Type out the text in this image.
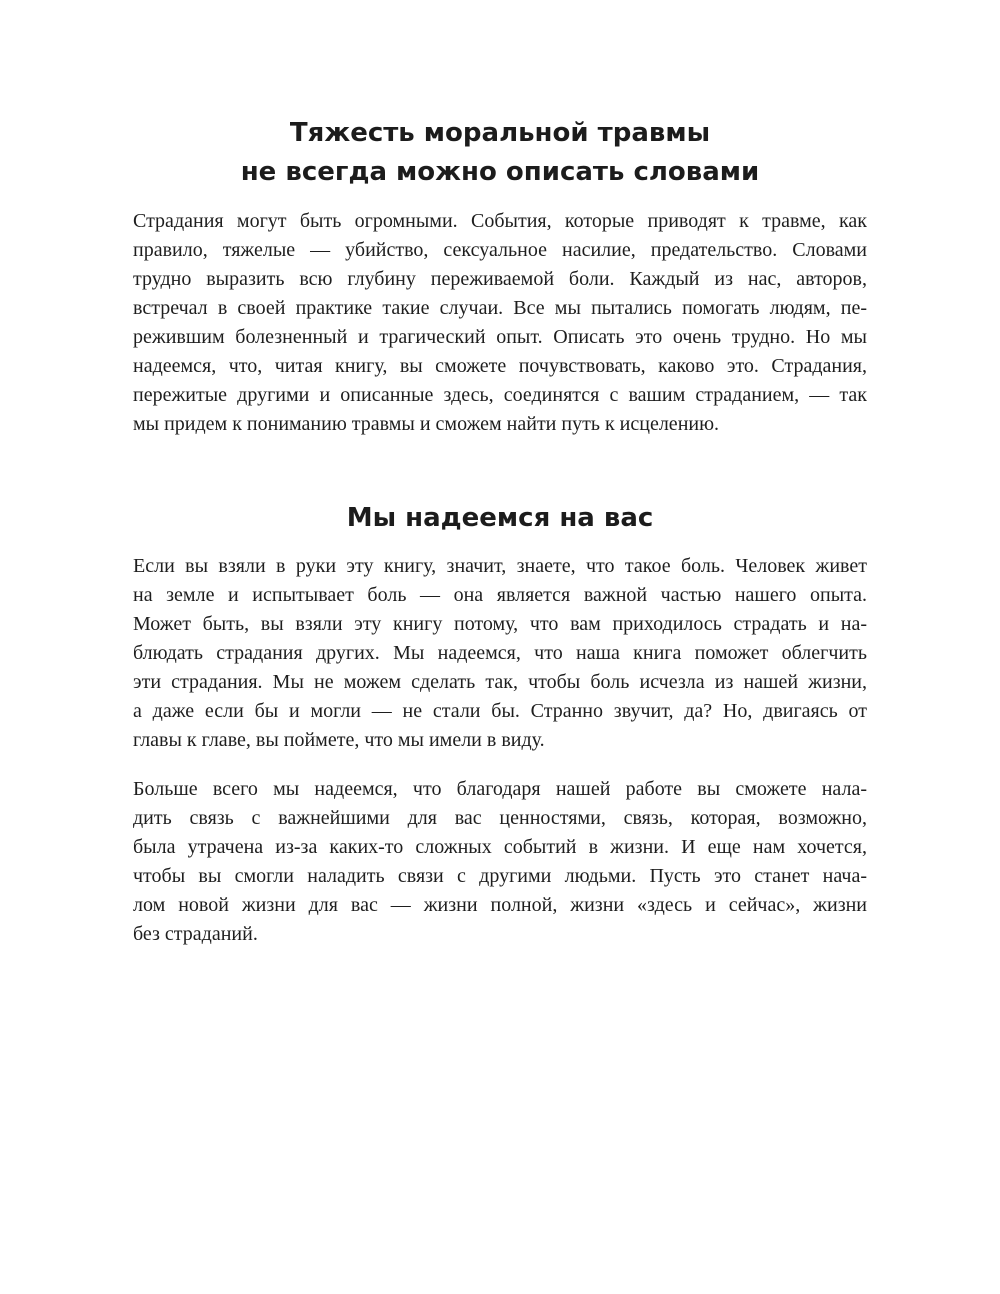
Тяжесть моральной травмы
не всегда можно описать словами
Страдания могут быть огромными. События, которые приводят к травме, как
правило, тяжелые — убийство, сексуальное насилие, предательство. Словами
трудно выразить всю глубину переживаемой боли. Каждый из нас, авторов,
встречал в своей практике такие случаи. Все мы пытались помогать людям, пе-
режившим болезненный и трагический опыт. Описать это очень трудно. Но мы
надеемся, что, читая книгу, вы сможете почувствовать, каково это. Страдания,
пережитые другими и описанные здесь, соединятся с вашим страданием, — так
мы придем к пониманию травмы и сможем найти путь к исцелению.
Мы надеемся на вас
Если вы взяли в руки эту книгу, значит, знаете, что такое боль. Человек живет
на земле и испытывает боль — она является важной частью нашего опыта.
Может быть, вы взяли эту книгу потому, что вам приходилось страдать и на-
блюдать страдания других. Мы надеемся, что наша книга поможет облегчить
эти страдания. Мы не можем сделать так, чтобы боль исчезла из нашей жизни,
а даже если бы и могли — не стали бы. Странно звучит, да? Но, двигаясь от
главы к главе, вы поймете, что мы имели в виду.
Больше всего мы надеемся, что благодаря нашей работе вы сможете нала-
дить связь с важнейшими для вас ценностями, связь, которая, возможно,
была утрачена из-за каких-то сложных событий в жизни. И еще нам хочется,
чтобы вы смогли наладить связи с другими людьми. Пусть это станет нача-
лом новой жизни для вас — жизни полной, жизни «здесь и сейчас», жизни
без страданий.
